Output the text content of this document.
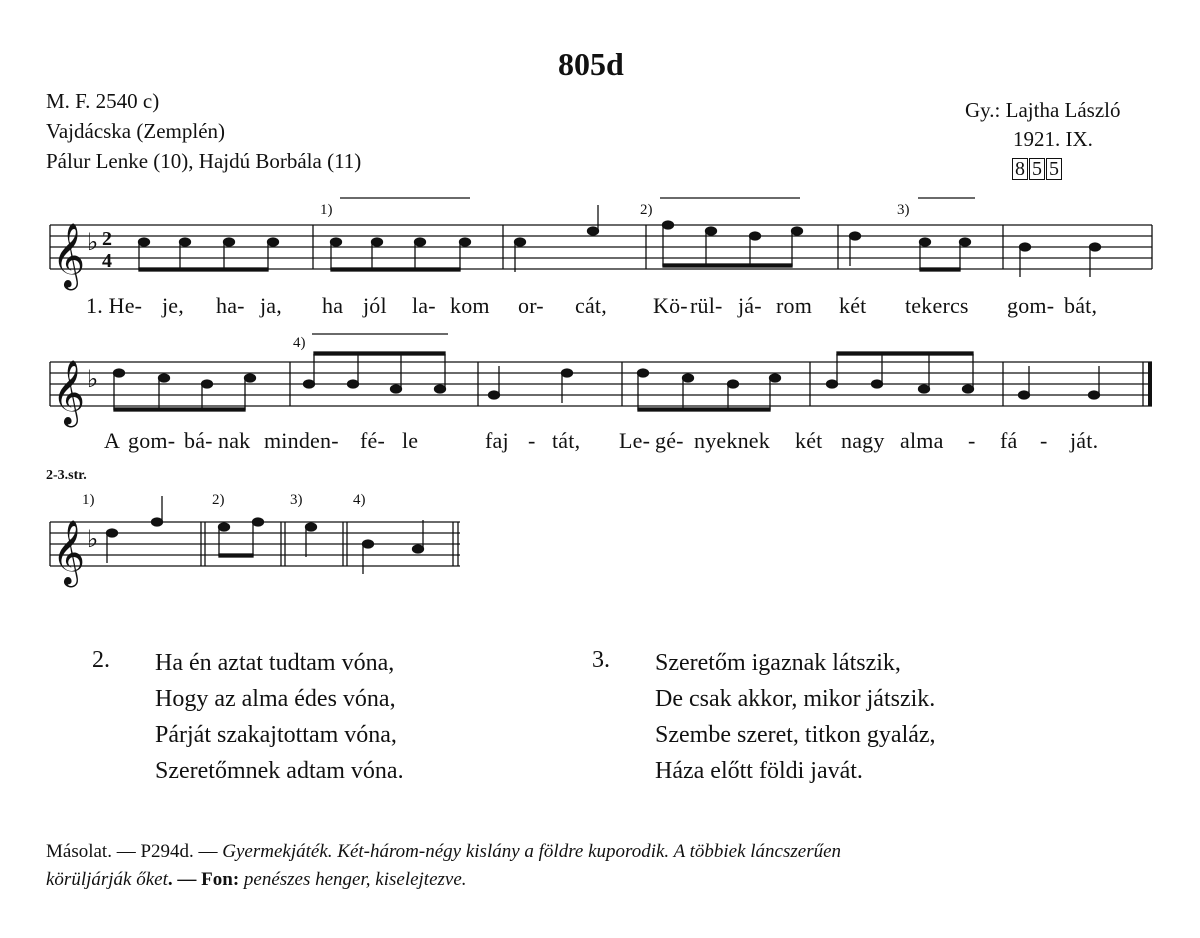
805d
M. F. 2540 c)
Vajdácska (Zemplén)
Pálur Lenke (10), Hajdú Borbála (11)
Gy.: Lajtha László
1921. IX.
8 5 5
1)	2)	3)
𝄞 ♭ 2
4
1. He- je, ha- ja, ha jól la- kom or- cát, Kö- rül- já- rom két tekercs gom- bát,
4)
𝄞 ♭
A gom- bá- nak minden- fé- le	faj - tát, Le- gé- nyeknek két nagy alma - fá - ját.
2-3.str.
1)	2)	3)	4)
𝄞 ♭
2. Ha én aztat tudtam vóna,
Hogy az alma édes vóna,
Párját szakajtottam vóna,
Szeretőmnek adtam vóna.
3. Szeretőm igaznak látszik,
De csak akkor, mikor játszik.
Szembe szeret, titkon gyaláz,
Háza előtt földi javát.
Másolat. — P294d. — Gyermekjáték. Két-három-négy kislány a földre kuporodik. A többiek láncszerűen
körüljárják őket. — Fon: penészes henger, kiselejtezve.
